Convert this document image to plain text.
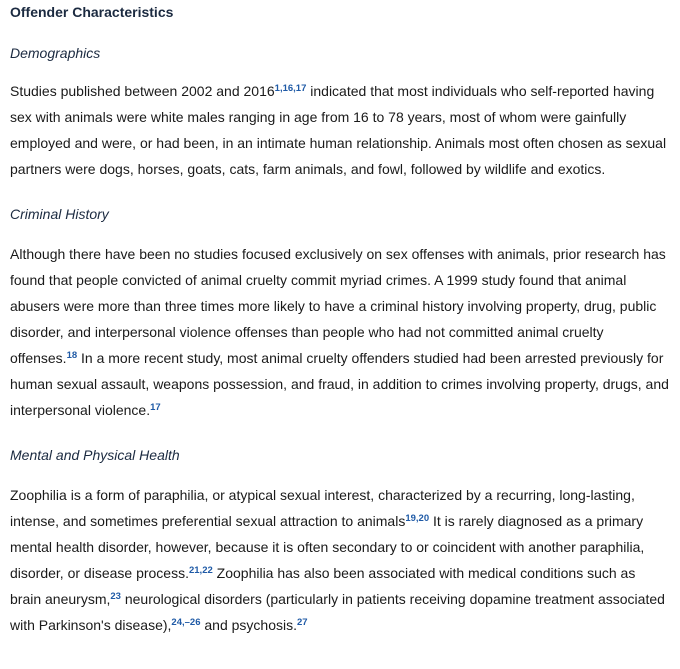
Offender Characteristics
Demographics
Studies published between 2002 and 2016$^{1,16,17}$ indicated that most individuals who self-reported having sex with animals were white males ranging in age from 16 to 78 years, most of whom were gainfully employed and were, or had been, in an intimate human relationship. Animals most often chosen as sexual partners were dogs, horses, goats, cats, farm animals, and fowl, followed by wildlife and exotics.
Criminal History
Although there have been no studies focused exclusively on sex offenses with animals, prior research has found that people convicted of animal cruelty commit myriad crimes. A 1999 study found that animal abusers were more than three times more likely to have a criminal history involving property, drug, public disorder, and interpersonal violence offenses than people who had not committed animal cruelty offenses.$^{18}$ In a more recent study, most animal cruelty offenders studied had been arrested previously for human sexual assault, weapons possession, and fraud, in addition to crimes involving property, drugs, and interpersonal violence.$^{17}$
Mental and Physical Health
Zoophilia is a form of paraphilia, or atypical sexual interest, characterized by a recurring, long-lasting, intense, and sometimes preferential sexual attraction to animals$^{19,20}$ It is rarely diagnosed as a primary mental health disorder, however, because it is often secondary to or coincident with another paraphilia, disorder, or disease process.$^{21,22}$ Zoophilia has also been associated with medical conditions such as brain aneurysm,$^{23}$ neurological disorders (particularly in patients receiving dopamine treatment associated with Parkinson's disease),$^{24,-26}$ and psychosis.$^{27}$
